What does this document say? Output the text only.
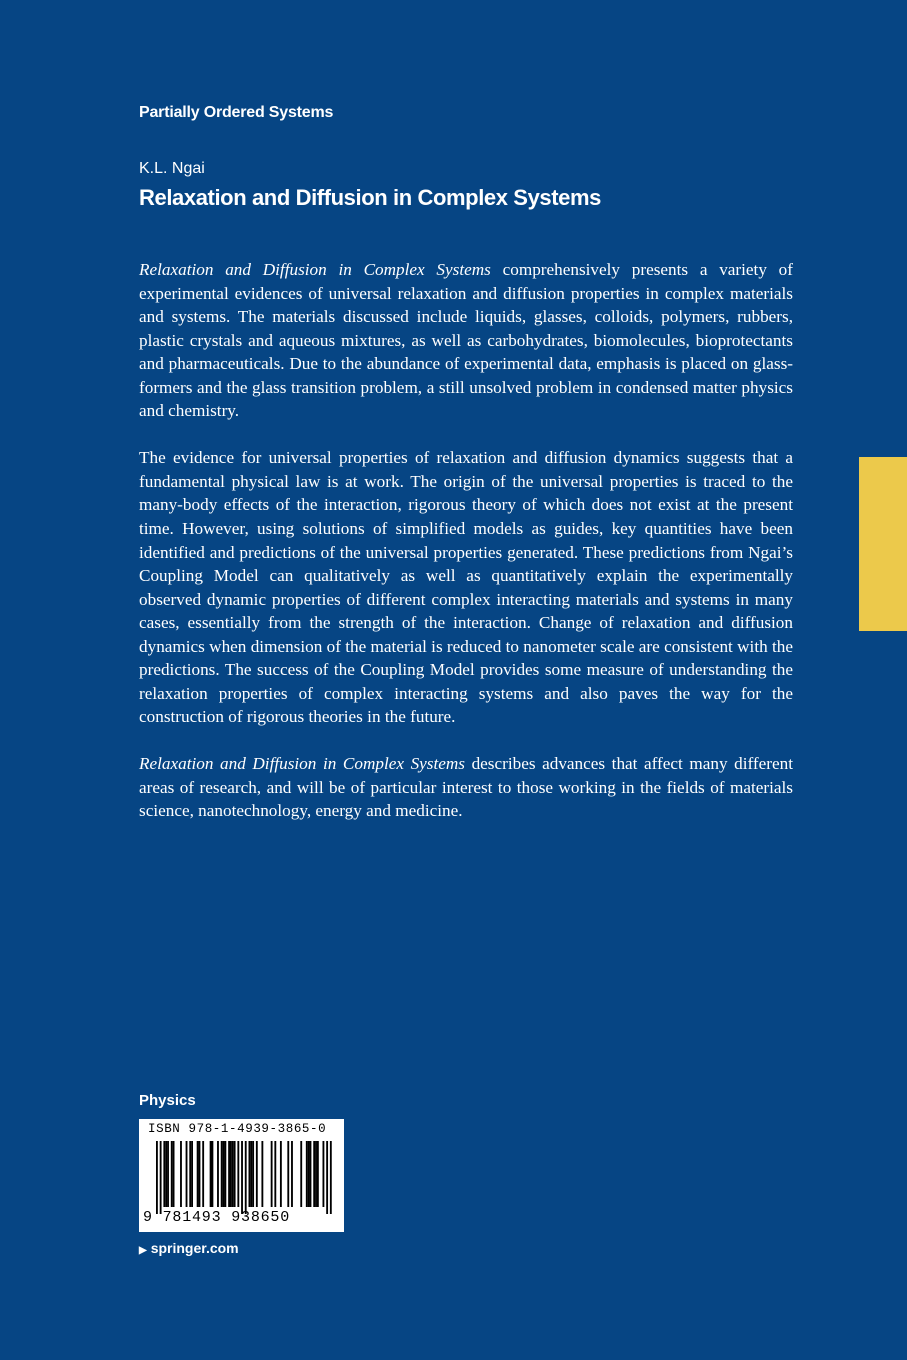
Partially Ordered Systems
K.L. Ngai
Relaxation and Diffusion in Complex Systems

Relaxation and Diffusion in Complex Systems comprehensively presents a variety of experimental evidences of universal relaxation and diffusion properties in complex materials and systems. The materials discussed include liquids, glasses, colloids, polymers, rubbers, plastic crystals and aqueous mixtures, as well as carbohydrates, biomolecules, bioprotectants and pharmaceuticals. Due to the abundance of experimental data, emphasis is placed on glass-formers and the glass transition problem, a still unsolved problem in condensed matter physics and chemistry.

The evidence for universal properties of relaxation and diffusion dynamics suggests that a fundamental physical law is at work. The origin of the universal properties is traced to the many-body effects of the interaction, rigorous theory of which does not exist at the present time. However, using solutions of simplified models as guides, key quantities have been identified and predictions of the universal properties generated. These predictions from Ngai’s Coupling Model can qualitatively as well as quantitatively explain the experimentally observed dynamic properties of different complex interacting materials and systems in many cases, essentially from the strength of the interaction. Change of relaxation and diffusion dynamics when dimension of the material is reduced to nanometer scale are consistent with the predictions. The success of the Coupling Model provides some measure of understanding the relaxation properties of complex interacting systems and also paves the way for the construction of rigorous theories in the future.

Relaxation and Diffusion in Complex Systems describes advances that affect many different areas of research, and will be of particular interest to those working in the fields of materials science, nanotechnology, energy and medicine.

Physics
ISBN 978-1-4939-3865-0
9 781493 938650
▶ springer.com
